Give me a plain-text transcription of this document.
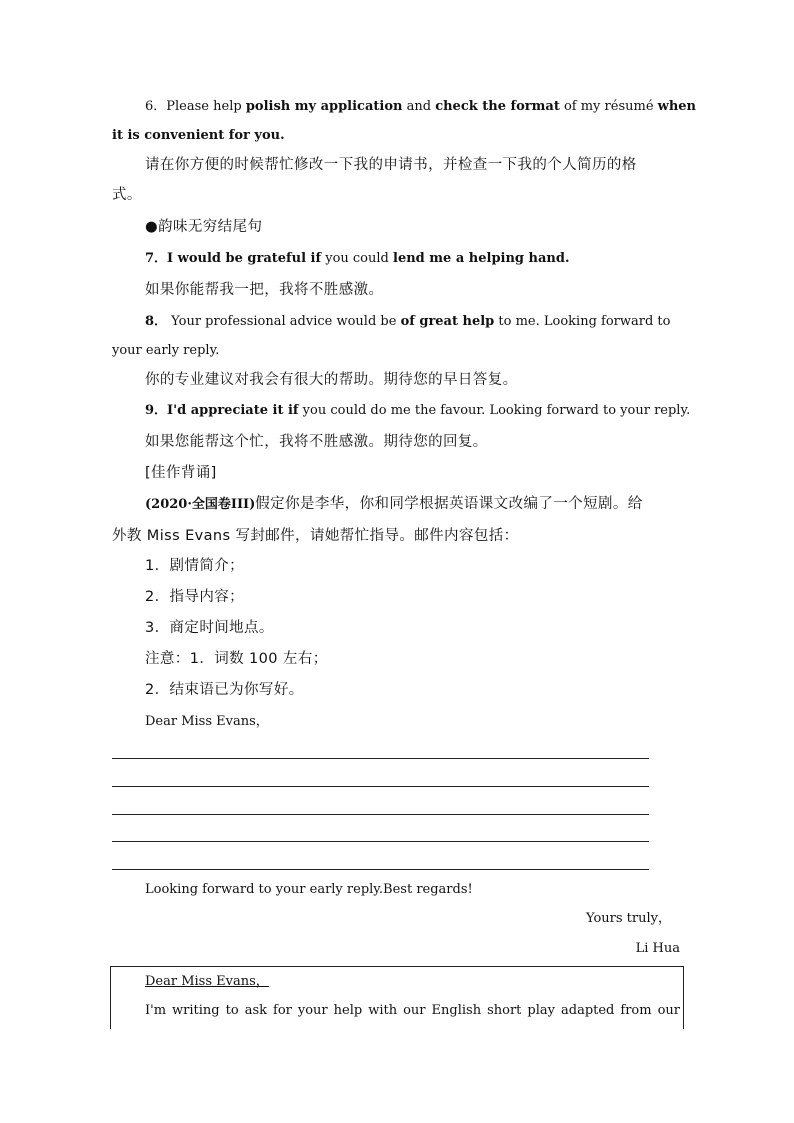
6．Please help polish my application and check the format of my résumé when
it is convenient for you.
请在你方便的时候帮忙修改一下我的申请书，并检查一下我的个人简历的格
式。
●韵味无穷结尾句
7．I would be grateful if you could lend me a helping hand.
如果你能帮我一把，我将不胜感激。
8． Your professional advice would be of great help to me. Looking forward to
your early reply.
你的专业建议对我会有很大的帮助。期待您的早日答复。
9．I'd appreciate it if you could do me the favour. Looking forward to your reply.
如果您能帮这个忙，我将不胜感激。期待您的回复。
[佳作背诵]
(2020·全国卷III)假定你是李华，你和同学根据英语课文改编了一个短剧。给
外教 Miss Evans 写封邮件，请她帮忙指导。邮件内容包括：
1．剧情简介；
2．指导内容；
3．商定时间地点。
注意：1．词数 100 左右；
2．结束语已为你写好。
Dear Miss Evans，
Looking forward to your early reply.Best regards!
Yours truly，
Li Hua
Dear Miss Evans，
I'm writing to ask for your help with our English short play adapted from our
